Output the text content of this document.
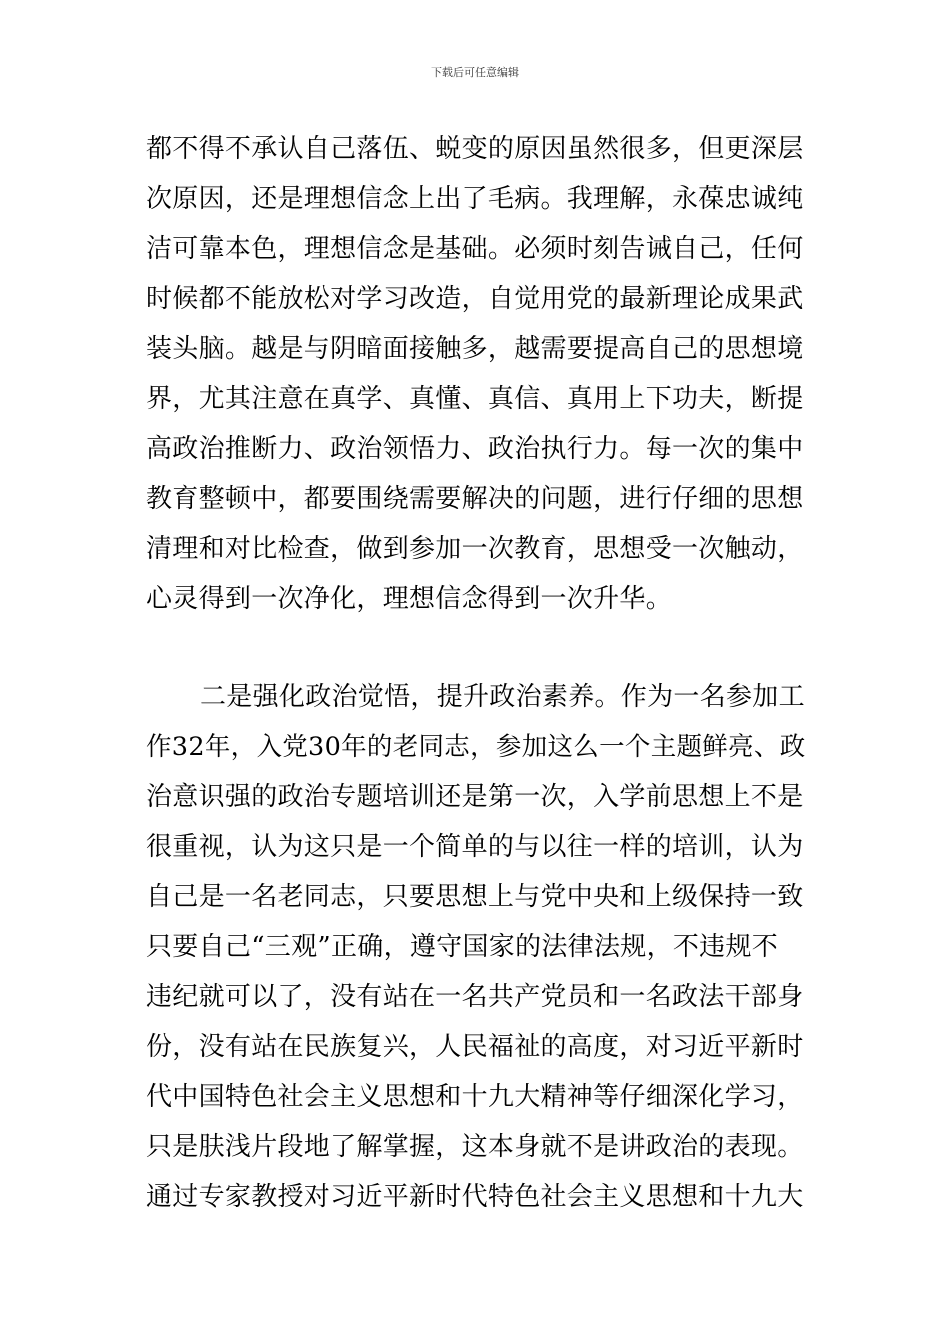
下载后可任意编辑
都不得不承认自己落伍、蜕变的原因虽然很多，但更深层
次原因，还是理想信念上出了毛病。我理解，永葆忠诚纯
洁可靠本色，理想信念是基础。必须时刻告诫自己，任何
时候都不能放松对学习改造，自觉用党的最新理论成果武
装头脑。越是与阴暗面接触多，越需要提高自己的思想境
界，尤其注意在真学、真懂、真信、真用上下功夫，断提
高政治推断力、政治领悟力、政治执行力。每一次的集中
教育整顿中，都要围绕需要解决的问题，进行仔细的思想
清理和对比检查，做到参加一次教育，思想受一次触动，
心灵得到一次净化，理想信念得到一次升华。
二是强化政治觉悟，提升政治素养。作为一名参加工
作32年，入党30年的老同志，参加这么一个主题鲜亮、政
治意识强的政治专题培训还是第一次，入学前思想上不是
很重视，认为这只是一个简单的与以往一样的培训，认为
自己是一名老同志，只要思想上与党中央和上级保持一致
只要自己“三观”正确，遵守国家的法律法规，不违规不
违纪就可以了，没有站在一名共产党员和一名政法干部身
份，没有站在民族复兴，人民福祉的高度，对习近平新时
代中国特色社会主义思想和十九大精神等仔细深化学习，
只是肤浅片段地了解掌握，这本身就不是讲政治的表现。
通过专家教授对习近平新时代特色社会主义思想和十九大
